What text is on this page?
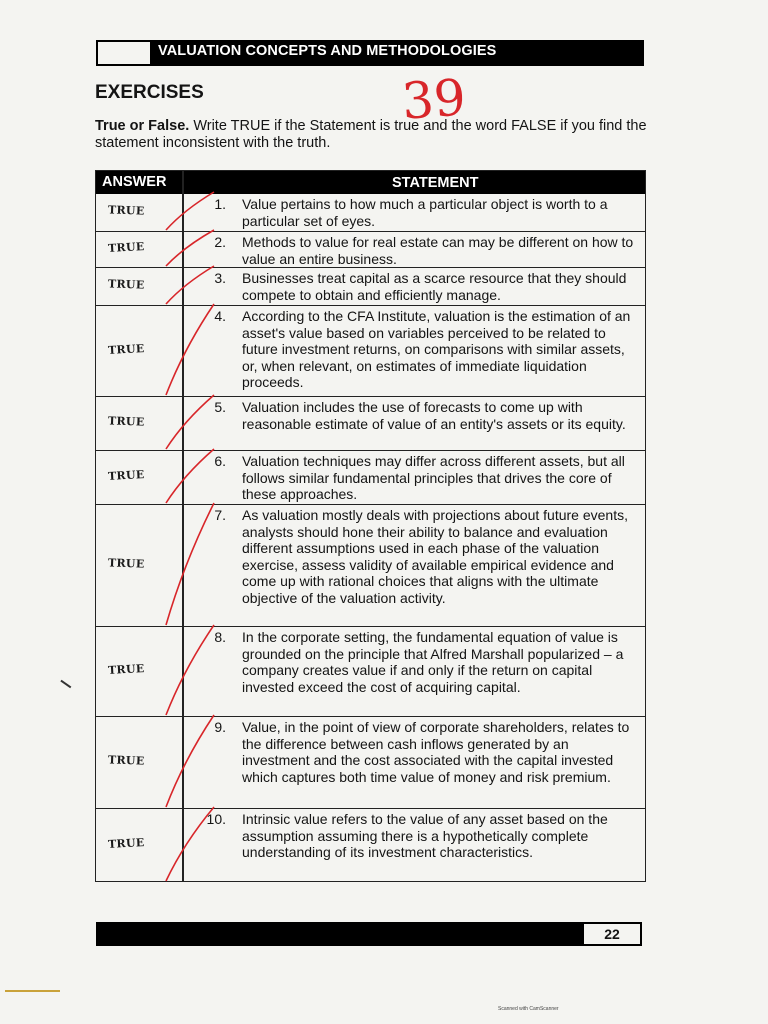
VALUATION CONCEPTS AND METHODOLOGIES
EXERCISES	39
True or False. Write TRUE if the Statement is true and the word FALSE if you find the statement inconsistent with the truth.
ANSWER	STATEMENT
TRUE	1. Value pertains to how much a particular object is worth to a particular set of eyes.
TRUE	2. Methods to value for real estate can may be different on how to value an entire business.
TRUE	3. Businesses treat capital as a scarce resource that they should compete to obtain and efficiently manage.
TRUE
4. According to the CFA Institute, valuation is the estimation of an asset's value based on variables perceived to be related to future investment returns, on comparisons with similar assets, or, when relevant, on estimates of immediate liquidation proceeds.
TRUE
5. Valuation includes the use of forecasts to come up with reasonable estimate of value of an entity's assets or its equity.
TRUE
6. Valuation techniques may differ across different assets, but all follows similar fundamental principles that drives the core of these approaches.
TRUE
7. As valuation mostly deals with projections about future events, analysts should hone their ability to balance and evaluation different assumptions used in each phase of the valuation exercise, assess validity of available empirical evidence and come up with rational choices that aligns with the ultimate objective of the valuation activity.
TRUE
8. In the corporate setting, the fundamental equation of value is grounded on the principle that Alfred Marshall popularized – a company creates value if and only if the return on capital invested exceed the cost of acquiring capital.
TRUE
9. Value, in the point of view of corporate shareholders, relates to the difference between cash inflows generated by an investment and the cost associated with the capital invested which captures both time value of money and risk premium.
TRUE
10. Intrinsic value refers to the value of any asset based on the assumption assuming there is a hypothetically complete understanding of its investment characteristics.
22
Scanned with CamScanner
